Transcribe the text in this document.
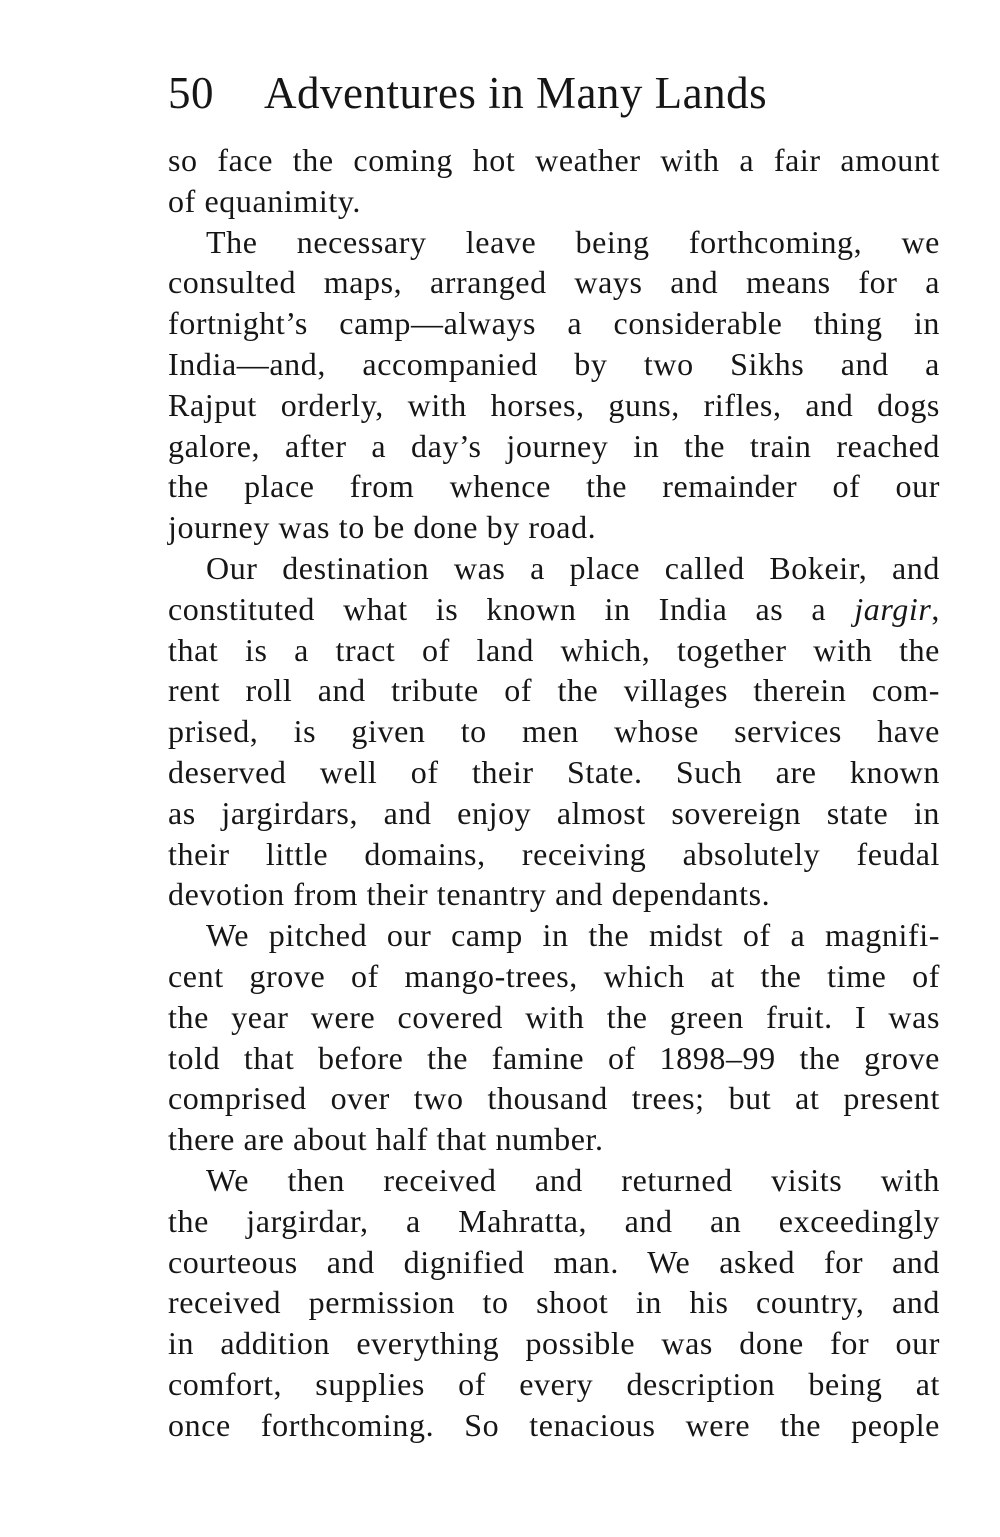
50 Adventures in Many Lands

so face the coming hot weather with a fair amount
of equanimity.

The necessary leave being forthcoming, we
consulted maps, arranged ways and means for a
fortnight’s camp—always a considerable thing in
India—and, accompanied by two Sikhs and a
Rajput orderly, with horses, guns, rifles, and dogs
galore, after a day’s journey in the train reached
the place from whence the remainder of our
journey was to be done by road.

Our destination was a place called Bokeir, and
constituted what is known in India as a jargir,
that is a tract of land which, together with the
rent roll and tribute of the villages therein com-
prised, is given to men whose services have
deserved well of their State. Such are known
as jargirdars, and enjoy almost sovereign state in
their little domains, receiving absolutely feudal
devotion from their tenantry and dependants.

We pitched our camp in the midst of a magnifi-
cent grove of mango-trees, which at the time of
the year were covered with the green fruit. I was
told that before the famine of 1898–99 the grove
comprised over two thousand trees; but at present
there are about half that number.

We then received and returned visits with
the jargirdar, a Mahratta, and an exceedingly
courteous and dignified man. We asked for and
received permission to shoot in his country, and
in addition everything possible was done for our
comfort, supplies of every description being at
once forthcoming. So tenacious were the people
